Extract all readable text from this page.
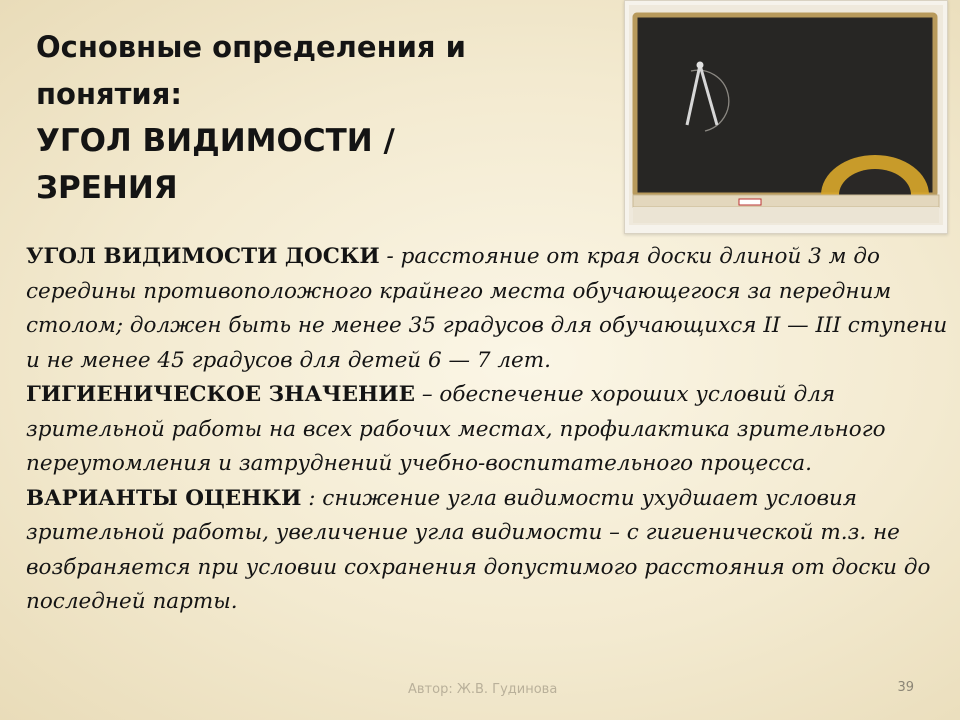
Основные определения и
понятия:
УГОЛ ВИДИМОСТИ /
ЗРЕНИЯ

УГОЛ ВИДИМОСТИ ДОСКИ - расстояние от края доски длиной 3 м до середины противоположного крайнего места обучающегося за передним столом; должен быть не менее 35 градусов для обучающихся II — III ступени и не менее 45 градусов для детей 6 — 7 лет.

ГИГИЕНИЧЕСКОЕ ЗНАЧЕНИЕ – обеспечение хороших условий для зрительной работы на всех рабочих местах, профилактика зрительного переутомления и затруднений учебно-воспитательного процесса.

ВАРИАНТЫ ОЦЕНКИ : снижение угла видимости ухудшает условия зрительной работы, увеличение угла видимости – с гигиенической т.з. не возбраняется при условии сохранения допустимого расстояния от доски до последней парты.

Автор: Ж.В. Гудинова	39
